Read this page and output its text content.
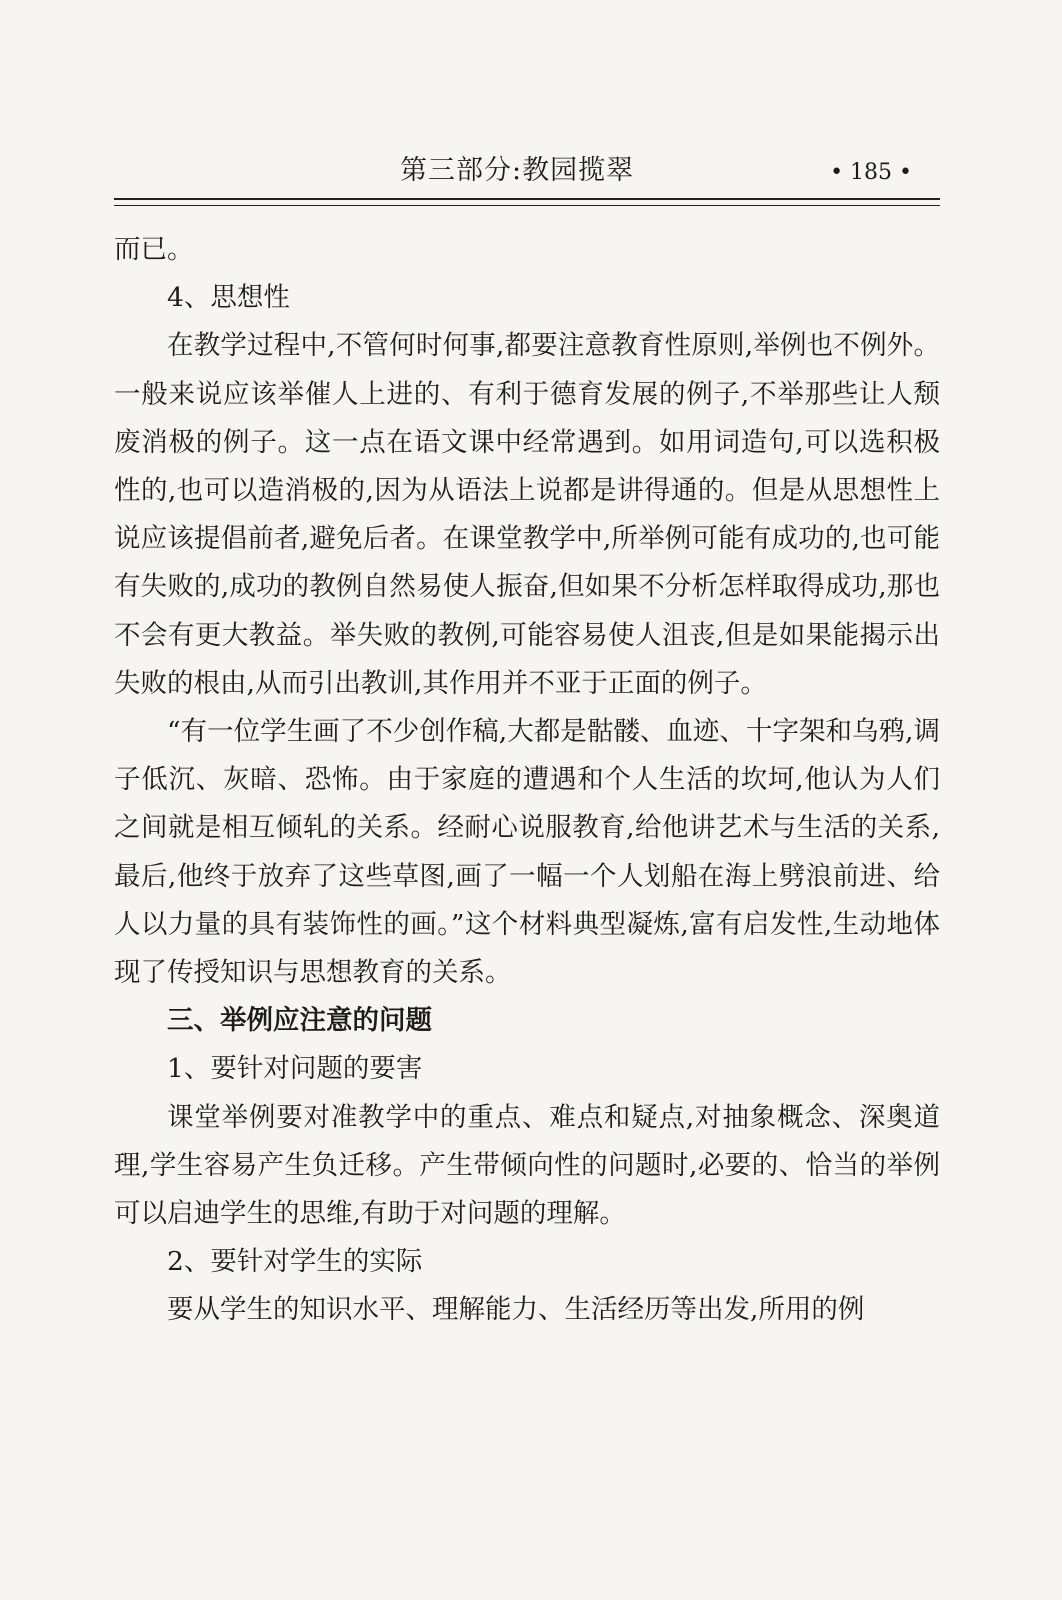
第三部分:教园揽翠	• 185 •

而已。

4、思想性

在教学过程中,不管何时何事,都要注意教育性原则,举例也不例外。一般来说应该举催人上进的、有利于德育发展的例子,不举那些让人颓废消极的例子。这一点在语文课中经常遇到。如用词造句,可以选积极性的,也可以造消极的,因为从语法上说都是讲得通的。但是从思想性上说应该提倡前者,避免后者。在课堂教学中,所举例可能有成功的,也可能有失败的,成功的教例自然易使人振奋,但如果不分析怎样取得成功,那也不会有更大教益。举失败的教例,可能容易使人沮丧,但是如果能揭示出失败的根由,从而引出教训,其作用并不亚于正面的例子。

“有一位学生画了不少创作稿,大都是骷髅、血迹、十字架和乌鸦,调子低沉、灰暗、恐怖。由于家庭的遭遇和个人生活的坎坷,他认为人们之间就是相互倾轧的关系。经耐心说服教育,给他讲艺术与生活的关系,最后,他终于放弃了这些草图,画了一幅一个人划船在海上劈浪前进、给人以力量的具有装饰性的画。”这个材料典型凝炼,富有启发性,生动地体现了传授知识与思想教育的关系。

三、举例应注意的问题

1、要针对问题的要害

课堂举例要对准教学中的重点、难点和疑点,对抽象概念、深奥道理,学生容易产生负迁移。产生带倾向性的问题时,必要的、恰当的举例可以启迪学生的思维,有助于对问题的理解。

2、要针对学生的实际

要从学生的知识水平、理解能力、生活经历等出发,所用的例
